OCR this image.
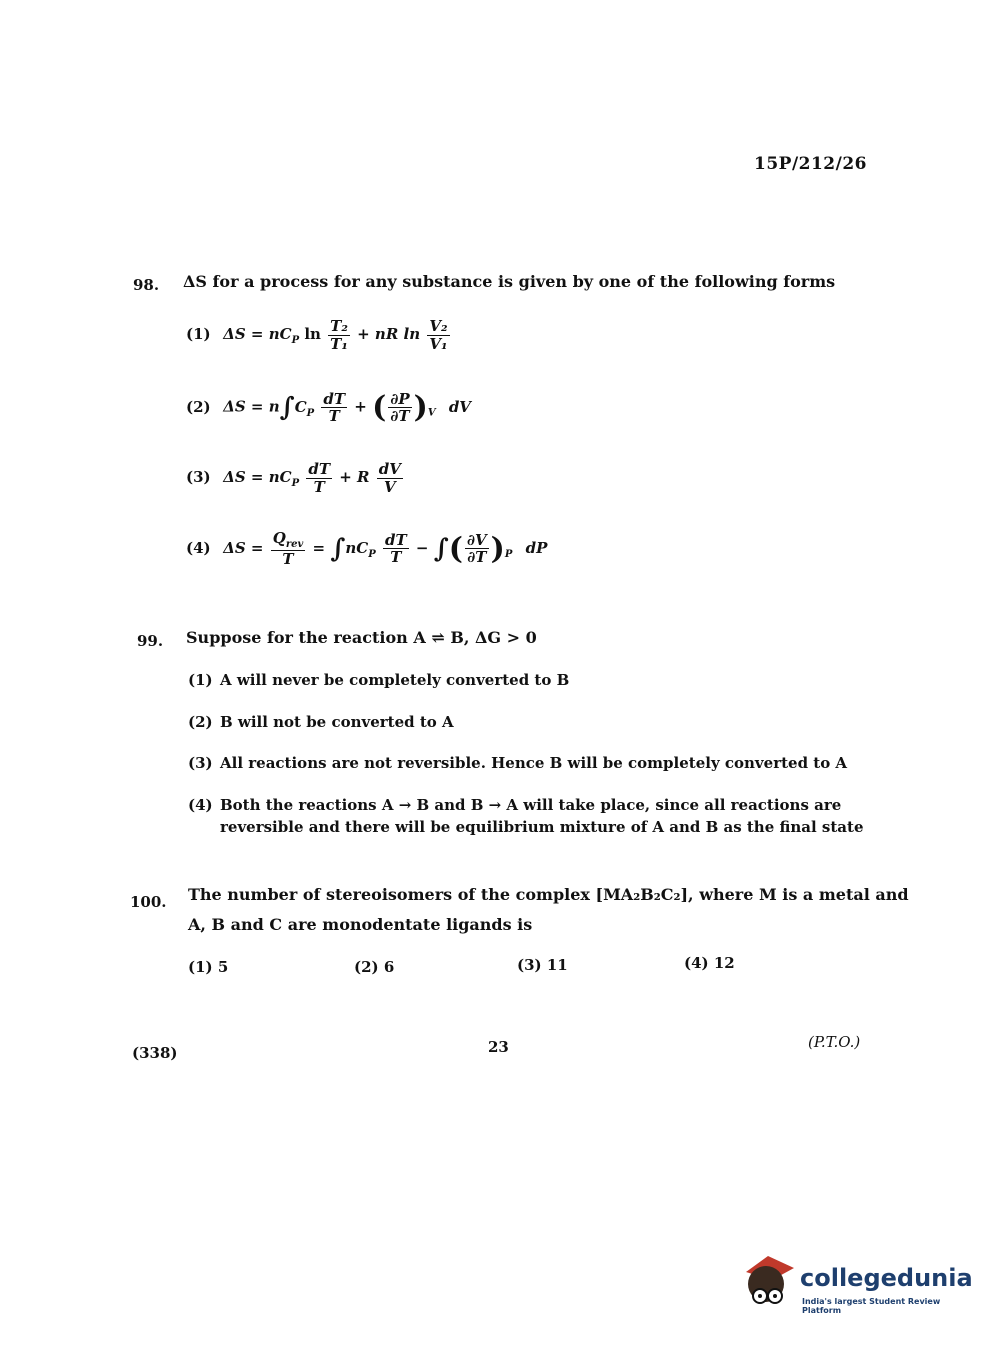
15P/212/26
98. ΔS for a process for any substance is given by one of the following forms
(1) $\Delta S = nC_P$ $\ln \frac{\text{T₂}}{\text{T₁}}$ + nR $\ln \frac{\text{V₂}}{\text{V₁}}$
(2) $\Delta S = n\int C_P \frac{dT}{T}$ + ( $\frac{\partial P}{\partial T} )_V$ dV
(3) $\Delta S = nC_P \frac{dT}{T} + R \frac{dV}{V}$
(4) $\Delta S = \frac{Q_{rev}}{T} = \int nC_P \frac{dT}{T}$ − ∫( $\frac{\partial V}{\partial T} )_P$ dP
99. Suppose for the reaction A ⇌ B, ΔG > 0
(1) A will never be completely converted to B
(2) B will not be converted to A
(3) All reactions are not reversible. Hence B will be completely converted to A
(4) Both the reactions A → B and B → A will take place, since all reactions are
reversible and there will be equilibrium mixture of A and B as the final state
100. The number of stereoisomers of the complex [MA₂B₂C₂], where M is a metal and
A, B and C are monodentate ligands is
(1) 5	(2) 6	(3) 11	(4) 12
(338)	23	(P.T.O.)
collegedunia
India's largest Student Review Platform
